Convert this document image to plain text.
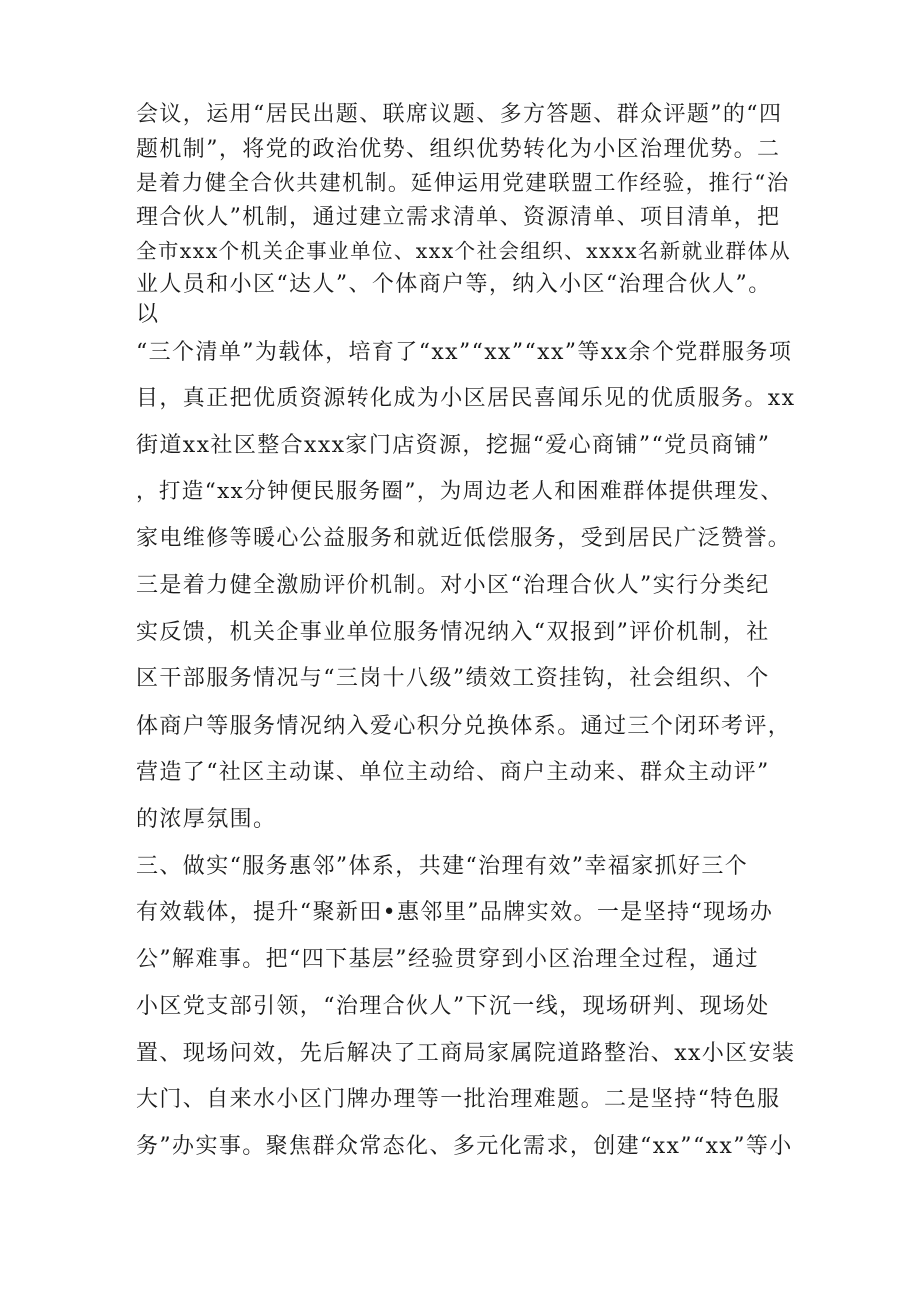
会议，运用“居民出题、联席议题、多方答题、群众评题”的“四
题机制”，将党的政治优势、组织优势转化为小区治理优势。二
是着力健全合伙共建机制。延伸运用党建联盟工作经验，推行“治
理合伙人”机制，通过建立需求清单、资源清单、项目清单，把
全市xxx个机关企事业单位、xxx个社会组织、xxxx名新就业群体从
业人员和小区“达人”、个体商户等，纳入小区“治理合伙人”。
以
“三个清单”为载体，培育了“xx”“xx”“xx”等xx余个党群服务项
目，真正把优质资源转化成为小区居民喜闻乐见的优质服务。xx
街道xx社区整合xxx家门店资源，挖掘“爱心商铺”“党员商铺”
，打造“xx分钟便民服务圈”，为周边老人和困难群体提供理发、
家电维修等暖心公益服务和就近低偿服务，受到居民广泛赞誉。
三是着力健全激励评价机制。对小区“治理合伙人”实行分类纪
实反馈，机关企事业单位服务情况纳入“双报到”评价机制，社
区干部服务情况与“三岗十八级”绩效工资挂钩，社会组织、个
体商户等服务情况纳入爱心积分兑换体系。通过三个闭环考评，
营造了“社区主动谋、单位主动给、商户主动来、群众主动评”
的浓厚氛围。
三、做实“服务惠邻”体系，共建“治理有效”幸福家抓好三个
有效载体，提升“聚新田•惠邻里”品牌实效。一是坚持“现场办
公”解难事。把“四下基层”经验贯穿到小区治理全过程，通过
小区党支部引领，“治理合伙人”下沉一线，现场研判、现场处
置、现场问效，先后解决了工商局家属院道路整治、xx小区安装
大门、自来水小区门牌办理等一批治理难题。二是坚持“特色服
务”办实事。聚焦群众常态化、多元化需求，创建“xx”“xx”等小
